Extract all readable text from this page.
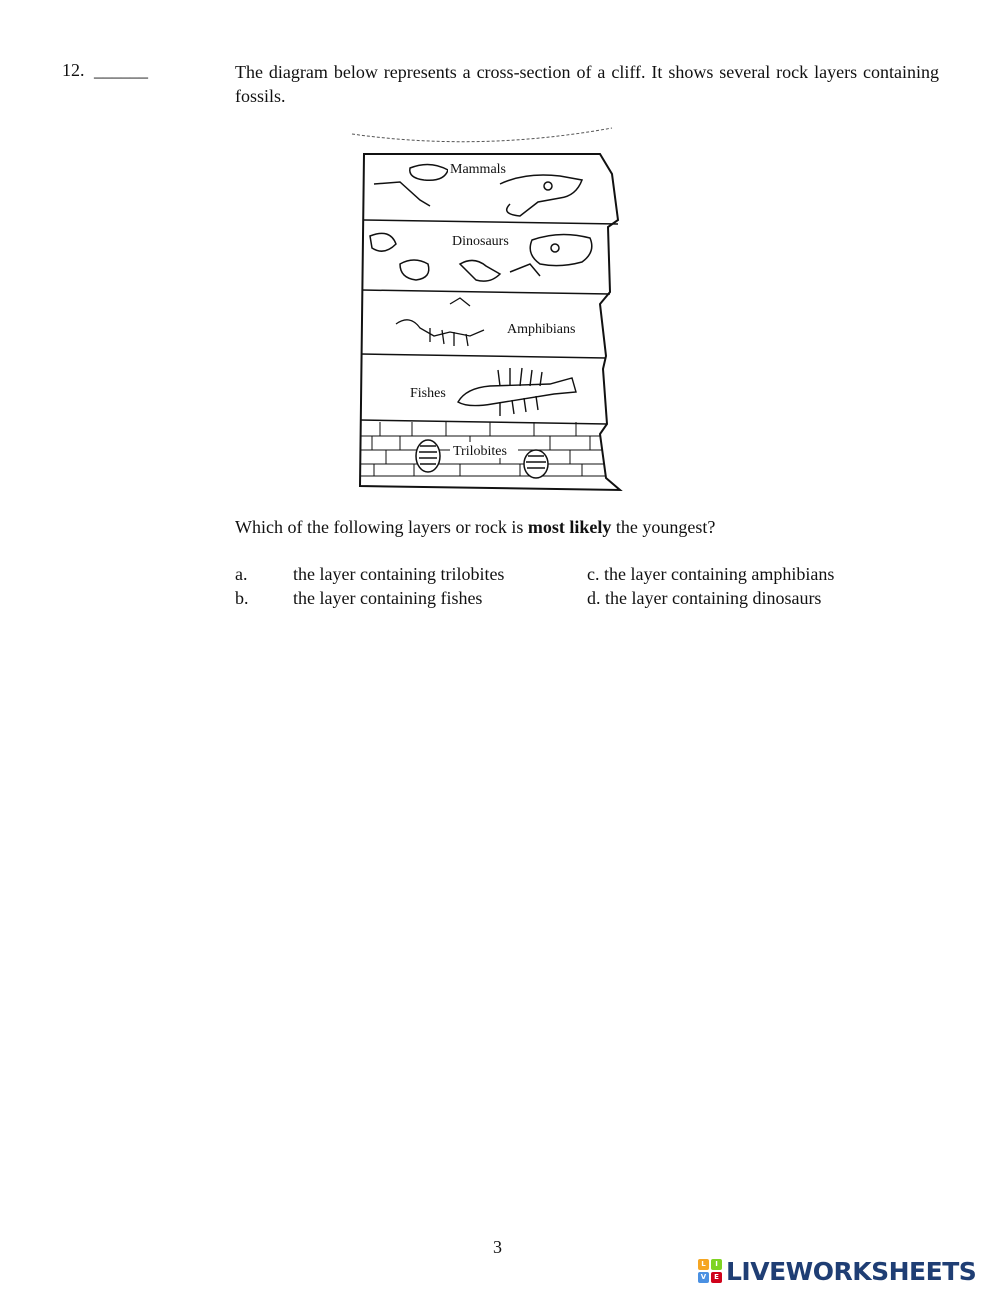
12. ______	The diagram below represents a cross-section of a cliff. It shows several rock layers containing fossils.
Mammals
Dinosaurs
Amphibians
Fishes
Trilobites
Which of the following layers or rock is most likely the youngest?
a.	the layer containing trilobites
b. the layer containing fishes
c. the layer containing amphibians
d. the layer containing dinosaurs
3
L	I
V	E LIVEWORKSHEETS
